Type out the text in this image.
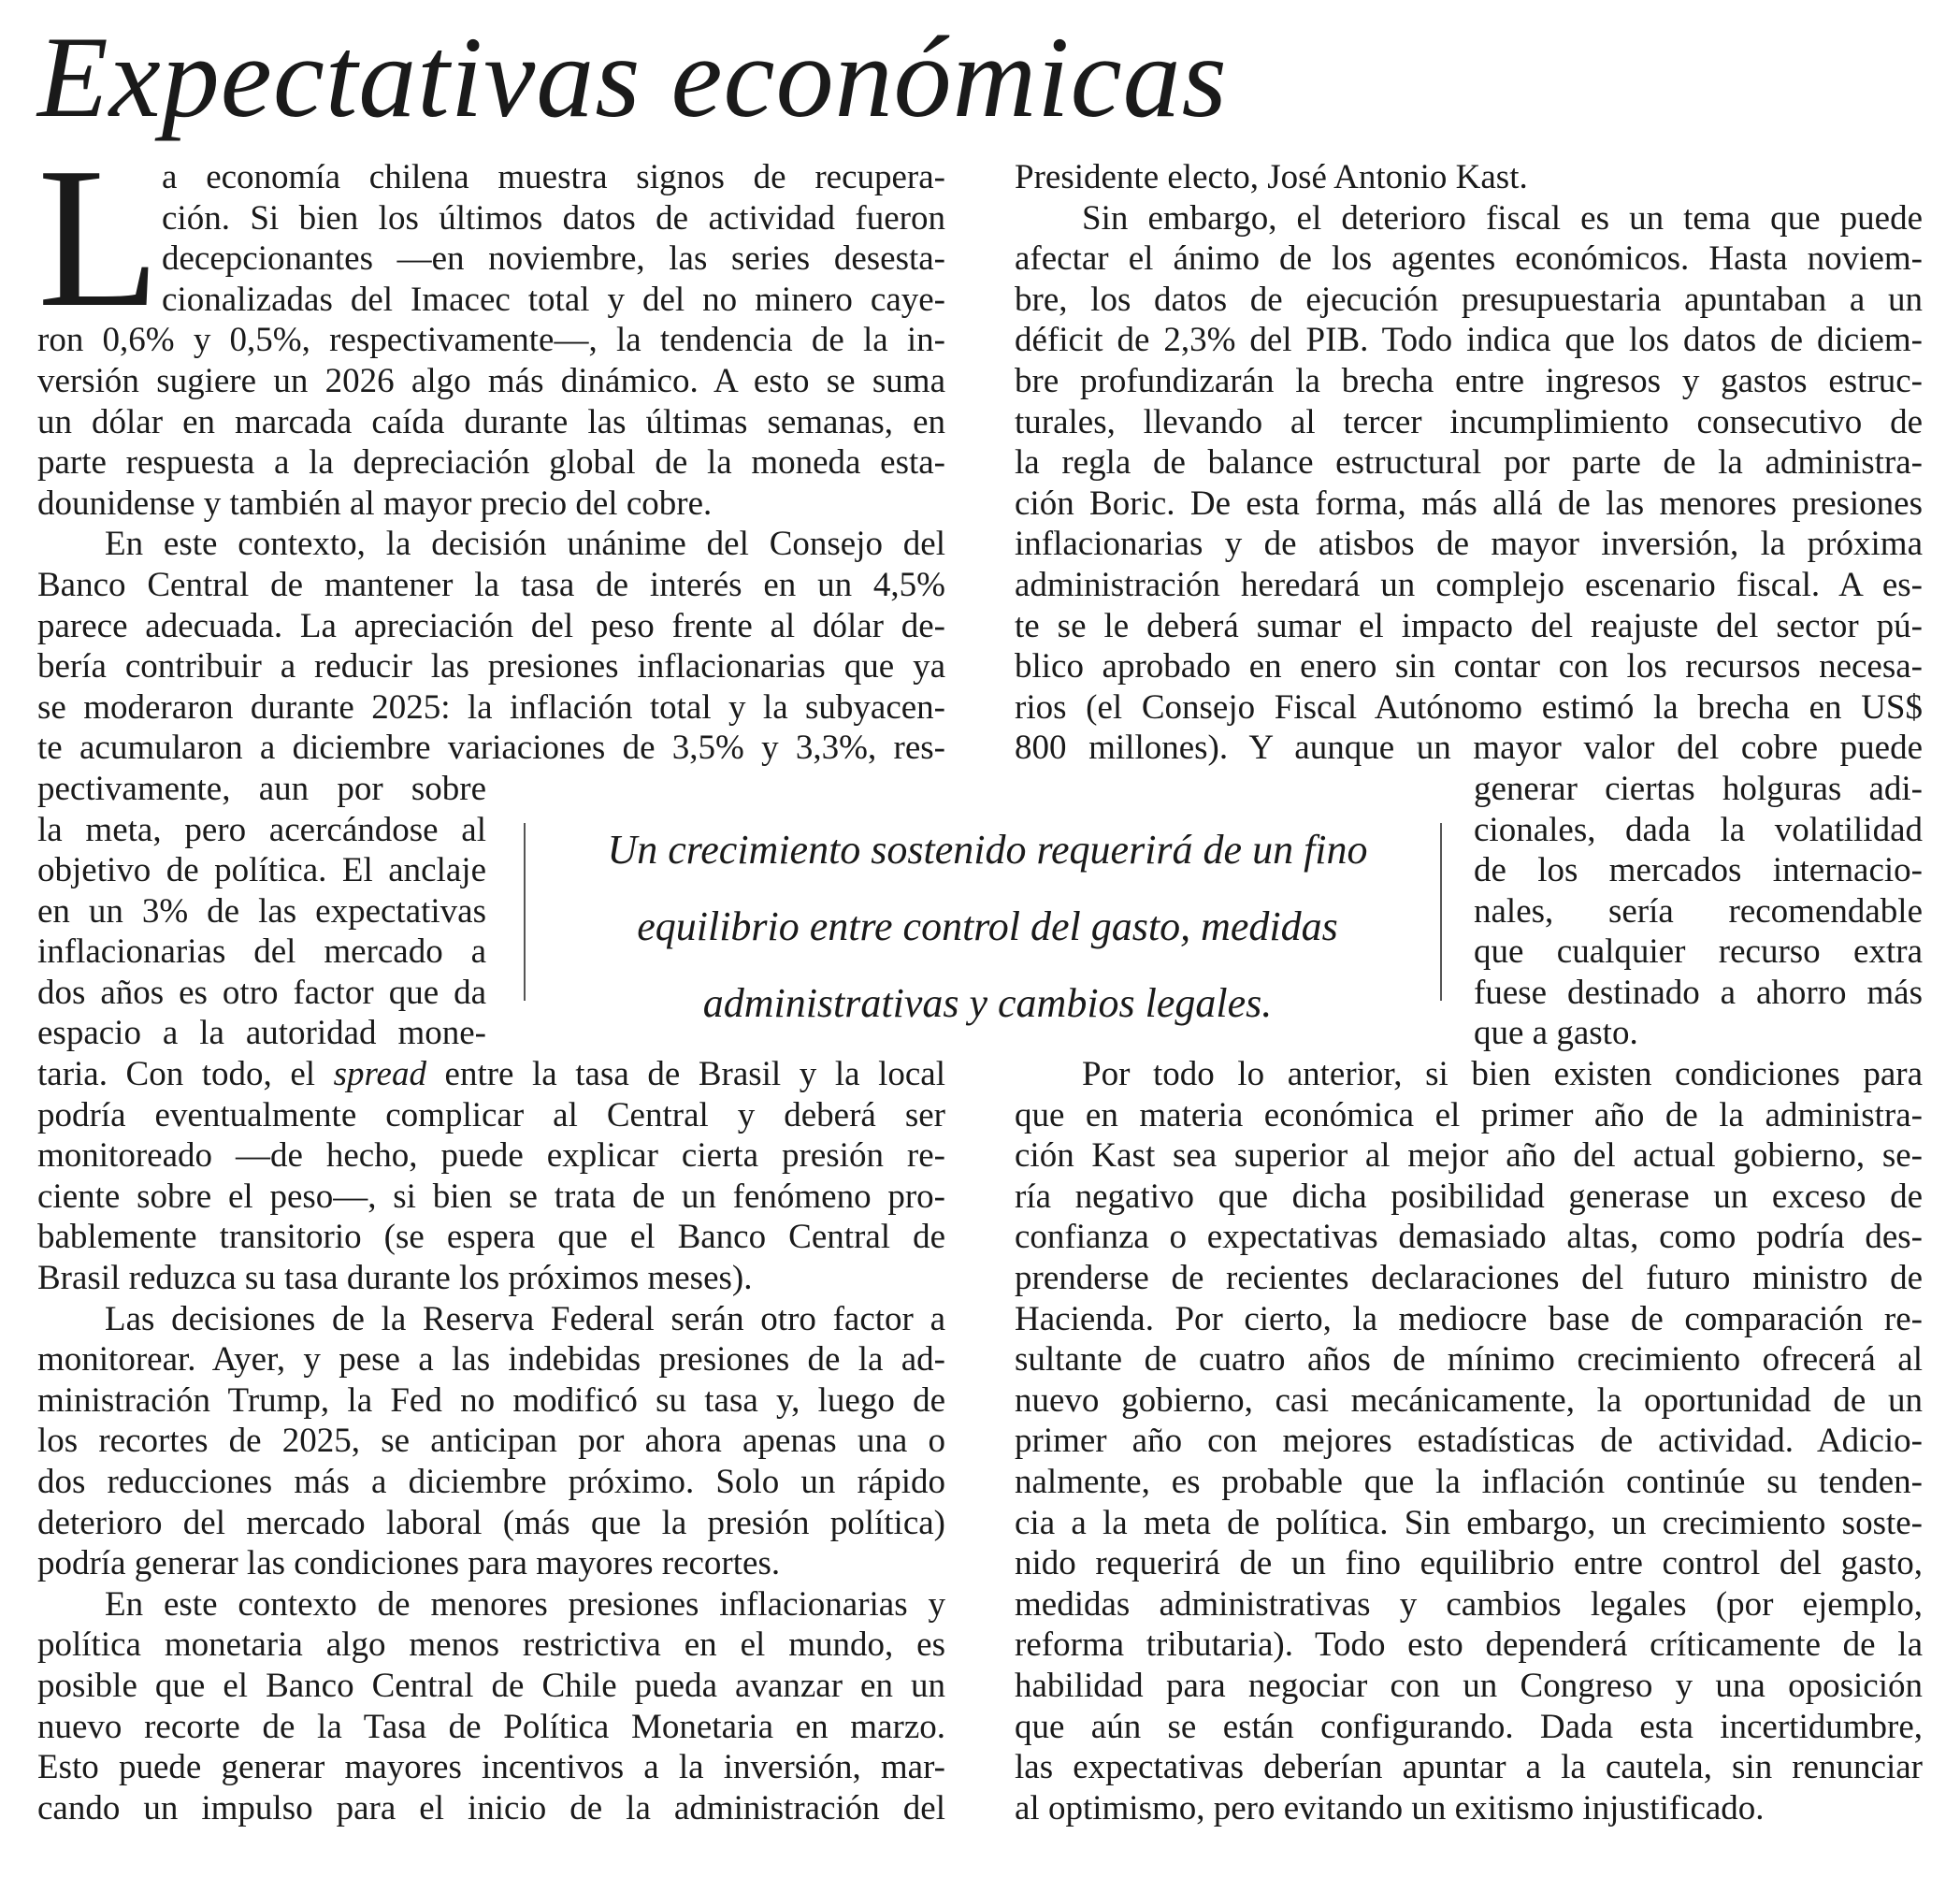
Expectativas económicas
L a economía chilena muestra signos de recupera-

ción. Si bien los últimos datos de actividad fueron

decepcionantes —en noviembre, las series desesta-

cionalizadas del Imacec total y del no minero caye-

ron 0,6% y 0,5%, respectivamente—, la tendencia de la in-

versión sugiere un 2026 algo más dinámico. A esto se suma

un dólar en marcada caída durante las últimas semanas, en

parte respuesta a la depreciación global de la moneda esta-

dounidense y también al mayor precio del cobre.

En este contexto, la decisión unánime del Consejo del

Banco Central de mantener la tasa de interés en un 4,5%

parece adecuada. La apreciación del peso frente al dólar de-

bería contribuir a reducir las presiones inflacionarias que ya

se moderaron durante 2025: la inflación total y la subyacen-

te acumularon a diciembre variaciones de 3,5% y 3,3%, res-

pectivamente, aun por sobre

la meta, pero acercándose al

objetivo de política. El anclaje

en un 3% de las expectativas

inflacionarias del mercado a

dos años es otro factor que da

espacio a la autoridad mone-

taria. Con todo, el spread entre la tasa de Brasil y la local

podría eventualmente complicar al Central y deberá ser

monitoreado —de hecho, puede explicar cierta presión re-

ciente sobre el peso—, si bien se trata de un fenómeno pro-

bablemente transitorio (se espera que el Banco Central de

Brasil reduzca su tasa durante los próximos meses).

Las decisiones de la Reserva Federal serán otro factor a

monitorear. Ayer, y pese a las indebidas presiones de la ad-

ministración Trump, la Fed no modificó su tasa y, luego de

los recortes de 2025, se anticipan por ahora apenas una o

dos reducciones más a diciembre próximo. Solo un rápido

deterioro del mercado laboral (más que la presión política)

podría generar las condiciones para mayores recortes.

En este contexto de menores presiones inflacionarias y

política monetaria algo menos restrictiva en el mundo, es

posible que el Banco Central de Chile pueda avanzar en un

nuevo recorte de la Tasa de Política Monetaria en marzo.

Esto puede generar mayores incentivos a la inversión, mar-

cando un impulso para el inicio de la administración del

Presidente electo, José Antonio Kast.

Sin embargo, el deterioro fiscal es un tema que puede

afectar el ánimo de los agentes económicos. Hasta noviem-

bre, los datos de ejecución presupuestaria apuntaban a un

déficit de 2,3% del PIB. Todo indica que los datos de diciem-

bre profundizarán la brecha entre ingresos y gastos estruc-

turales, llevando al tercer incumplimiento consecutivo de

la regla de balance estructural por parte de la administra-

ción Boric. De esta forma, más allá de las menores presiones

inflacionarias y de atisbos de mayor inversión, la próxima

administración heredará un complejo escenario fiscal. A es-

te se le deberá sumar el impacto del reajuste del sector pú-

blico aprobado en enero sin contar con los recursos necesa-

rios (el Consejo Fiscal Autónomo estimó la brecha en US$

800 millones). Y aunque un mayor valor del cobre puede

generar ciertas holguras adi-

cionales, dada la volatilidad

de los mercados internacio-

nales, sería recomendable

que cualquier recurso extra

fuese destinado a ahorro más

que a gasto.

Por todo lo anterior, si bien existen condiciones para

que en materia económica el primer año de la administra-

ción Kast sea superior al mejor año del actual gobierno, se-

ría negativo que dicha posibilidad generase un exceso de

confianza o expectativas demasiado altas, como podría des-

prenderse de recientes declaraciones del futuro ministro de

Hacienda. Por cierto, la mediocre base de comparación re-

sultante de cuatro años de mínimo crecimiento ofrecerá al

nuevo gobierno, casi mecánicamente, la oportunidad de un

primer año con mejores estadísticas de actividad. Adicio-

nalmente, es probable que la inflación continúe su tenden-

cia a la meta de política. Sin embargo, un crecimiento soste-

nido requerirá de un fino equilibrio entre control del gasto,

medidas administrativas y cambios legales (por ejemplo,

reforma tributaria). Todo esto dependerá críticamente de la

habilidad para negociar con un Congreso y una oposición

que aún se están configurando. Dada esta incertidumbre,

las expectativas deberían apuntar a la cautela, sin renunciar

al optimismo, pero evitando un exitismo injustificado.

Un crecimiento sostenido requerirá de un fino
equilibrio entre control del gasto, medidas
administrativas y cambios legales.
